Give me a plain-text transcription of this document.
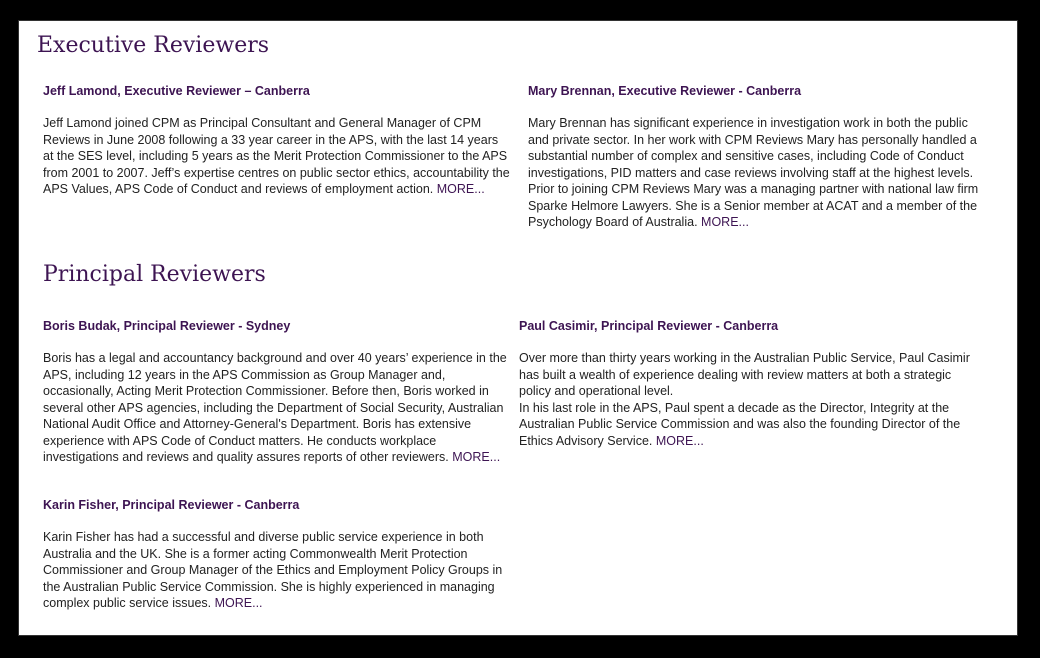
Executive Reviewers
Jeff Lamond, Executive Reviewer – Canberra
Jeff Lamond joined CPM as Principal Consultant and General Manager of CPM Reviews in June 2008 following a 33 year career in the APS, with the last 14 years at the SES level, including 5 years as the Merit Protection Commissioner to the APS from 2001 to 2007. Jeff’s expertise centres on public sector ethics, accountability the APS Values, APS Code of Conduct and reviews of employment action. MORE...
Mary Brennan, Executive Reviewer - Canberra
Mary Brennan has significant experience in investigation work in both the public and private sector. In her work with CPM Reviews Mary has personally handled a substantial number of complex and sensitive cases, including Code of Conduct investigations, PID matters and case reviews involving staff at the highest levels. Prior to joining CPM Reviews Mary was a managing partner with national law firm Sparke Helmore Lawyers. She is a Senior member at ACAT and a member of the Psychology Board of Australia. MORE...
Principal Reviewers
Boris Budak, Principal Reviewer - Sydney
Boris has a legal and accountancy background and over 40 years’ experience in the APS, including 12 years in the APS Commission as Group Manager and, occasionally, Acting Merit Protection Commissioner. Before then, Boris worked in several other APS agencies, including the Department of Social Security, Australian National Audit Office and Attorney-General's Department. Boris has extensive experience with APS Code of Conduct matters. He conducts workplace investigations and reviews and quality assures reports of other reviewers. MORE...
Paul Casimir, Principal Reviewer - Canberra

Over more than thirty years working in the Australian Public Service, Paul Casimir has built a wealth of experience dealing with review matters at both a strategic policy and operational level.

In his last role in the APS, Paul spent a decade as the Director, Integrity at the Australian Public Service Commission and was also the founding Director of the Ethics Advisory Service. MORE...

Karin Fisher, Principal Reviewer - Canberra
Karin Fisher has had a successful and diverse public service experience in both Australia and the UK. She is a former acting Commonwealth Merit Protection Commissioner and Group Manager of the Ethics and Employment Policy Groups in the Australian Public Service Commission. She is highly experienced in managing complex public service issues. MORE...
